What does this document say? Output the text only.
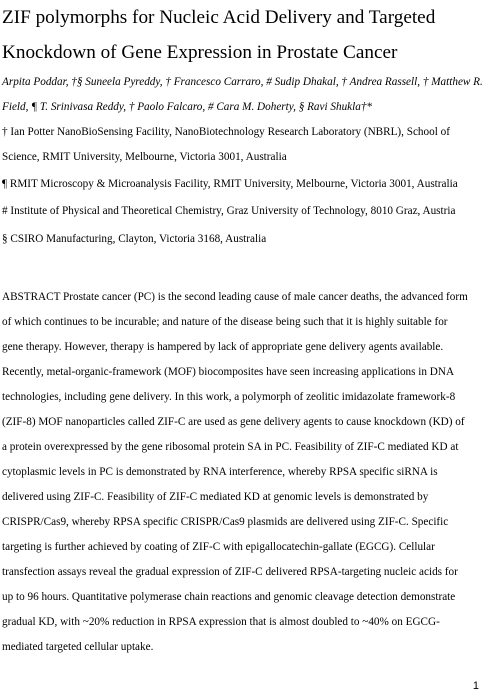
ZIF polymorphs for Nucleic Acid Delivery and Targeted
Knockdown of Gene Expression in Prostate Cancer
Arpita Poddar, †§ Suneela Pyreddy, † Francesco Carraro, # Sudip Dhakal, † Andrea Rassell, † Matthew R.
Field, ¶ T. Srinivasa Reddy, † Paolo Falcaro, # Cara M. Doherty, § Ravi Shukla†*
† Ian Potter NanoBioSensing Facility, NanoBiotechnology Research Laboratory (NBRL), School of
Science, RMIT University, Melbourne, Victoria 3001, Australia
¶ RMIT Microscopy & Microanalysis Facility, RMIT University, Melbourne, Victoria 3001, Australia
# Institute of Physical and Theoretical Chemistry, Graz University of Technology, 8010 Graz, Austria
§ CSIRO Manufacturing, Clayton, Victoria 3168, Australia
ABSTRACT Prostate cancer (PC) is the second leading cause of male cancer deaths, the advanced form
of which continues to be incurable; and nature of the disease being such that it is highly suitable for
gene therapy. However, therapy is hampered by lack of appropriate gene delivery agents available.
Recently, metal-organic-framework (MOF) biocomposites have seen increasing applications in DNA
technologies, including gene delivery. In this work, a polymorph of zeolitic imidazolate framework-8
(ZIF-8) MOF nanoparticles called ZIF-C are used as gene delivery agents to cause knockdown (KD) of
a protein overexpressed by the gene ribosomal protein SA in PC. Feasibility of ZIF-C mediated KD at
cytoplasmic levels in PC is demonstrated by RNA interference, whereby RPSA specific siRNA is
delivered using ZIF-C. Feasibility of ZIF-C mediated KD at genomic levels is demonstrated by
CRISPR/Cas9, whereby RPSA specific CRISPR/Cas9 plasmids are delivered using ZIF-C. Specific
targeting is further achieved by coating of ZIF-C with epigallocatechin-gallate (EGCG). Cellular
transfection assays reveal the gradual expression of ZIF-C delivered RPSA-targeting nucleic acids for
up to 96 hours. Quantitative polymerase chain reactions and genomic cleavage detection demonstrate
gradual KD, with ~20% reduction in RPSA expression that is almost doubled to ~40% on EGCG-
mediated targeted cellular uptake.
1
